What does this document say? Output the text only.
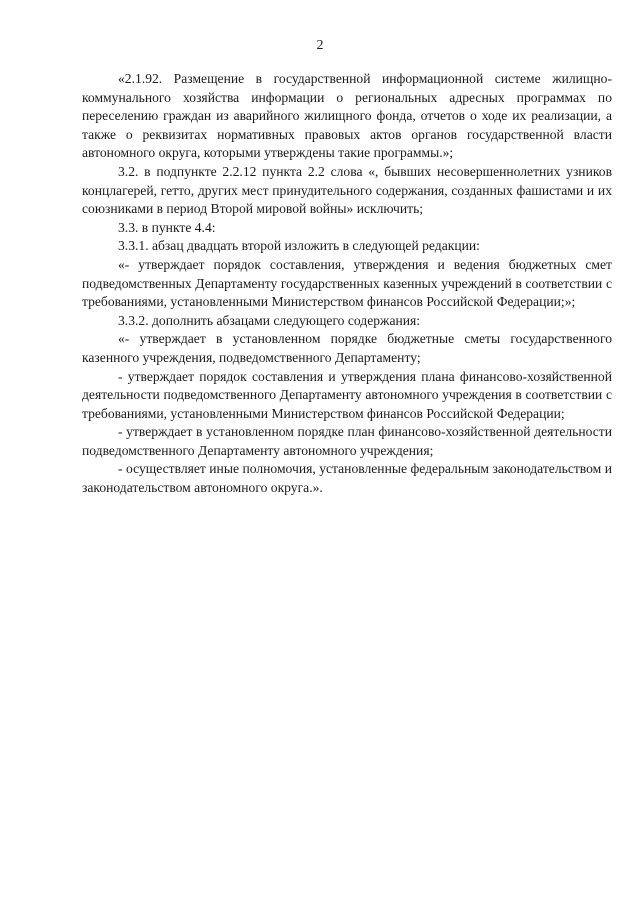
2

«2.1.92. Размещение в государственной информационной системе жилищно-коммунального хозяйства информации о региональных адресных программах по переселению граждан из аварийного жилищного фонда, отчетов о ходе их реализации, а также о реквизитах нормативных правовых актов органов государственной власти автономного округа, которыми утверждены такие программы.»;

3.2. в подпункте 2.2.12 пункта 2.2 слова «, бывших несовершеннолетних узников концлагерей, гетто, других мест принудительного содержания, созданных фашистами и их союзниками в период Второй мировой войны» исключить;

3.3. в пункте 4.4:

3.3.1. абзац двадцать второй изложить в следующей редакции:

«- утверждает порядок составления, утверждения и ведения бюджетных смет подведомственных Департаменту государственных казенных учреждений в соответствии с требованиями, установленными Министерством финансов Российской Федерации;»;

3.3.2. дополнить абзацами следующего содержания:

«- утверждает в установленном порядке бюджетные сметы государственного казенного учреждения, подведомственного Департаменту;

- утверждает порядок составления и утверждения плана финансово-хозяйственной деятельности подведомственного Департаменту автономного учреждения в соответствии с требованиями, установленными Министерством финансов Российской Федерации;

- утверждает в установленном порядке план финансово-хозяйственной деятельности подведомственного Департаменту автономного учреждения;

- осуществляет иные полномочия, установленные федеральным законодательством и законодательством автономного округа.».
